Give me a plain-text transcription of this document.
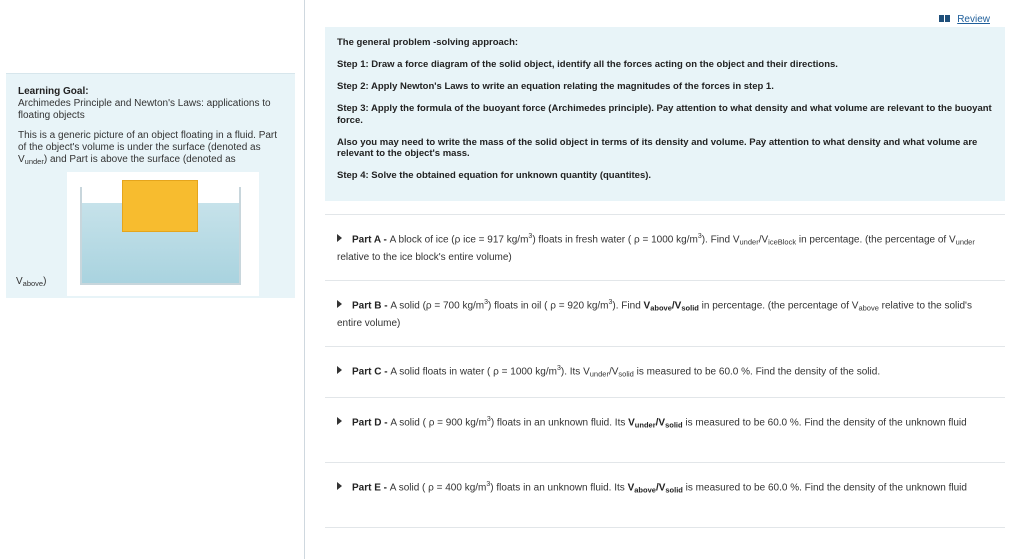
Learning Goal:
Archimedes Principle and Newton's Laws: applications to floating objects

This is a generic picture of an object floating in a fluid. Part of the object's volume is under the surface (denoted as $V_{under}$) and Part is above the surface (denoted as

$V_{above}$)
Review

The general problem -solving approach:

Step 1: Draw a force diagram of the solid object, identify all the forces acting on the object and their directions.

Step 2: Apply Newton's Laws to write an equation relating the magnitudes of the forces in step 1.

Step 3: Apply the formula of the buoyant force (Archimedes principle). Pay attention to what density and what volume are relevant to the buoyant force.

Also you may need to write the mass of the solid object in terms of its density and volume. Pay attention to what density and what volume are relevant to the object's mass.

Step 4: Solve the obtained equation for unknown quantity (quantites).

Part A - A block of ice (ρ ice = 917 $kg/m^3$) floats in fresh water ( ρ = 1000 $kg/m^3$). Find $V_{under}/V_{iceBlock}$ in percentage. (the percentage of $V_{under}$ relative to the ice block's entire volume)
Part B - A solid (ρ = 700 $kg/m^3$) floats in oil ( ρ = 920 $kg/m^3$). Find $V_{above}/V_{solid}$ in percentage. (the percentage of $V_{above}$ relative to the solid's entire volume)
Part C - A solid floats in water ( ρ = 1000 $kg/m^3$). Its $V_{under}/V_{solid}$ is measured to be 60.0 %. Find the density of the solid.
Part D - A solid ( ρ = 900 $kg/m^3$) floats in an unknown fluid. Its $V_{under}/V_{solid}$ is measured to be 60.0 %. Find the density of the unknown fluid
Part E - A solid ( ρ = 400 $kg/m^3$) floats in an unknown fluid. Its $V_{above}/V_{solid}$ is measured to be 60.0 %. Find the density of the unknown fluid
